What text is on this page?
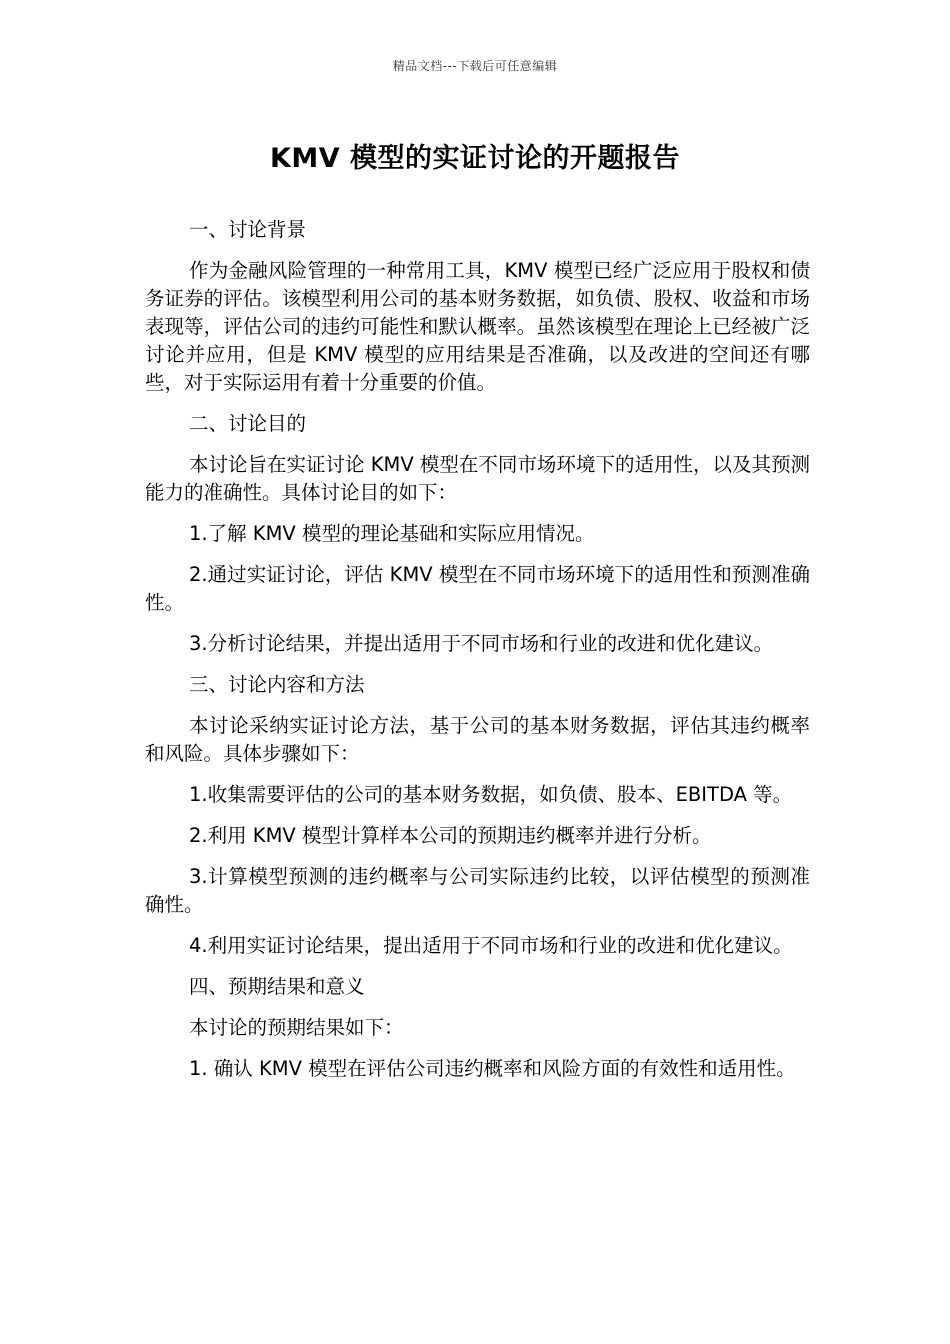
精品文档---下载后可任意编辑
KMV 模型的实证讨论的开题报告

一、讨论背景

作为金融风险管理的一种常用工具，KMV 模型已经广泛应用于股权和债务证券的评估。该模型利用公司的基本财务数据，如负债、股权、收益和市场表现等，评估公司的违约可能性和默认概率。虽然该模型在理论上已经被广泛讨论并应用，但是 KMV 模型的应用结果是否准确，以及改进的空间还有哪些，对于实际运用有着十分重要的价值。

二、讨论目的

本讨论旨在实证讨论 KMV 模型在不同市场环境下的适用性，以及其预测能力的准确性。具体讨论目的如下：

1.了解 KMV 模型的理论基础和实际应用情况。

2.通过实证讨论，评估 KMV 模型在不同市场环境下的适用性和预测准确性。

3.分析讨论结果，并提出适用于不同市场和行业的改进和优化建议。

三、讨论内容和方法

本讨论采纳实证讨论方法，基于公司的基本财务数据，评估其违约概率和风险。具体步骤如下：

1.收集需要评估的公司的基本财务数据，如负债、股本、EBITDA 等。

2.利用 KMV 模型计算样本公司的预期违约概率并进行分析。

3.计算模型预测的违约概率与公司实际违约比较，以评估模型的预测准确性。

4.利用实证讨论结果，提出适用于不同市场和行业的改进和优化建议。

四、预期结果和意义

本讨论的预期结果如下：

1. 确认 KMV 模型在评估公司违约概率和风险方面的有效性和适用性。
